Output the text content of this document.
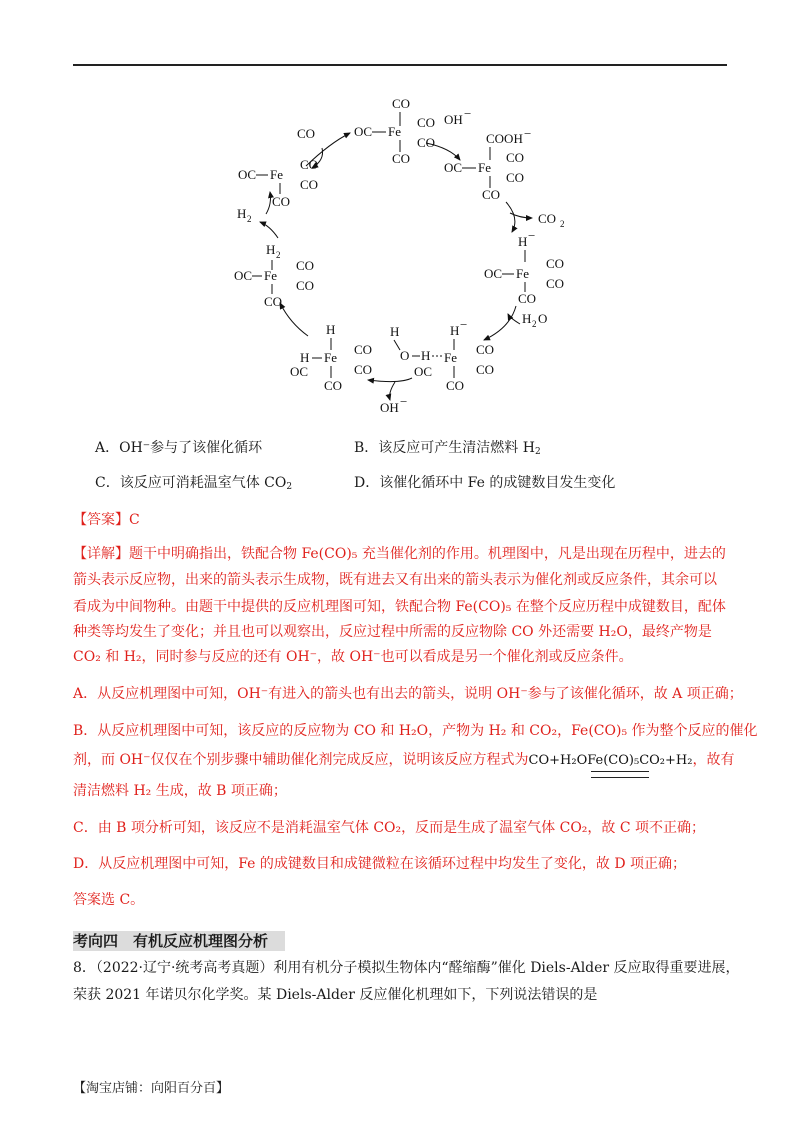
CO
OC Fe
CO
CO
CO
CO
OH −
COOH −
OC Fe
CO
CO
CO
CO 2
H −
OC Fe
CO
CO
CO
H 2 O
H
O H
H −
Fe
CO
CO
OC
CO
OH −
H
H Fe
CO
OC	CO
CO
H 2
OC Fe
CO
CO
CO
H 2
OC Fe
CO
CO
CO
A．OH⁻参与了该催化循环	B．该反应可产生清洁燃料 $H_2$
C．该反应可消耗温室气体 $CO_2$	D．该催化循环中 Fe 的成键数目发生变化
【答案】C
【详解】题干中明确指出，铁配合物 Fe(CO)₅ 充当催化剂的作用。机理图中，凡是出现在历程中，进去的
箭头表示反应物，出来的箭头表示生成物，既有进去又有出来的箭头表示为催化剂或反应条件，其余可以
看成为中间物种。由题干中提供的反应机理图可知，铁配合物 Fe(CO)₅ 在整个反应历程中成键数目，配体
种类等均发生了变化；并且也可以观察出，反应过程中所需的反应物除 CO 外还需要 H₂O，最终产物是
CO₂ 和 H₂，同时参与反应的还有 OH⁻，故 OH⁻也可以看成是另一个催化剂或反应条件。
A．从反应机理图中可知，OH⁻有进入的箭头也有出去的箭头，说明 OH⁻参与了该催化循环，故 A 项正确；
B．从反应机理图中可知，该反应的反应物为 CO 和 H₂O，产物为 H₂ 和 CO₂，Fe(CO)₅ 作为整个反应的催化
剂，而 OH⁻仅仅在个别步骤中辅助催化剂完成反应，说明该反应方程式为CO+H₂OFe(CO)₅CO₂+H₂
，故有
清洁燃料 H₂ 生成，故 B 项正确；
C．由 B 项分析可知，该反应不是消耗温室气体 CO₂，反而是生成了温室气体 CO₂，故 C 项不正确；
D．从反应机理图中可知，Fe 的成键数目和成键微粒在该循环过程中均发生了变化，故 D 项正确；
答案选 C。
考向四　有机反应机理图分析
8．（2022·辽宁·统考高考真题）利用有机分子模拟生物体内“醛缩酶”催化 Diels-Alder 反应取得重要进展，
荣获 2021 年诺贝尔化学奖。某 Diels-Alder 反应催化机理如下，下列说法错误的是
【淘宝店铺：向阳百分百】
